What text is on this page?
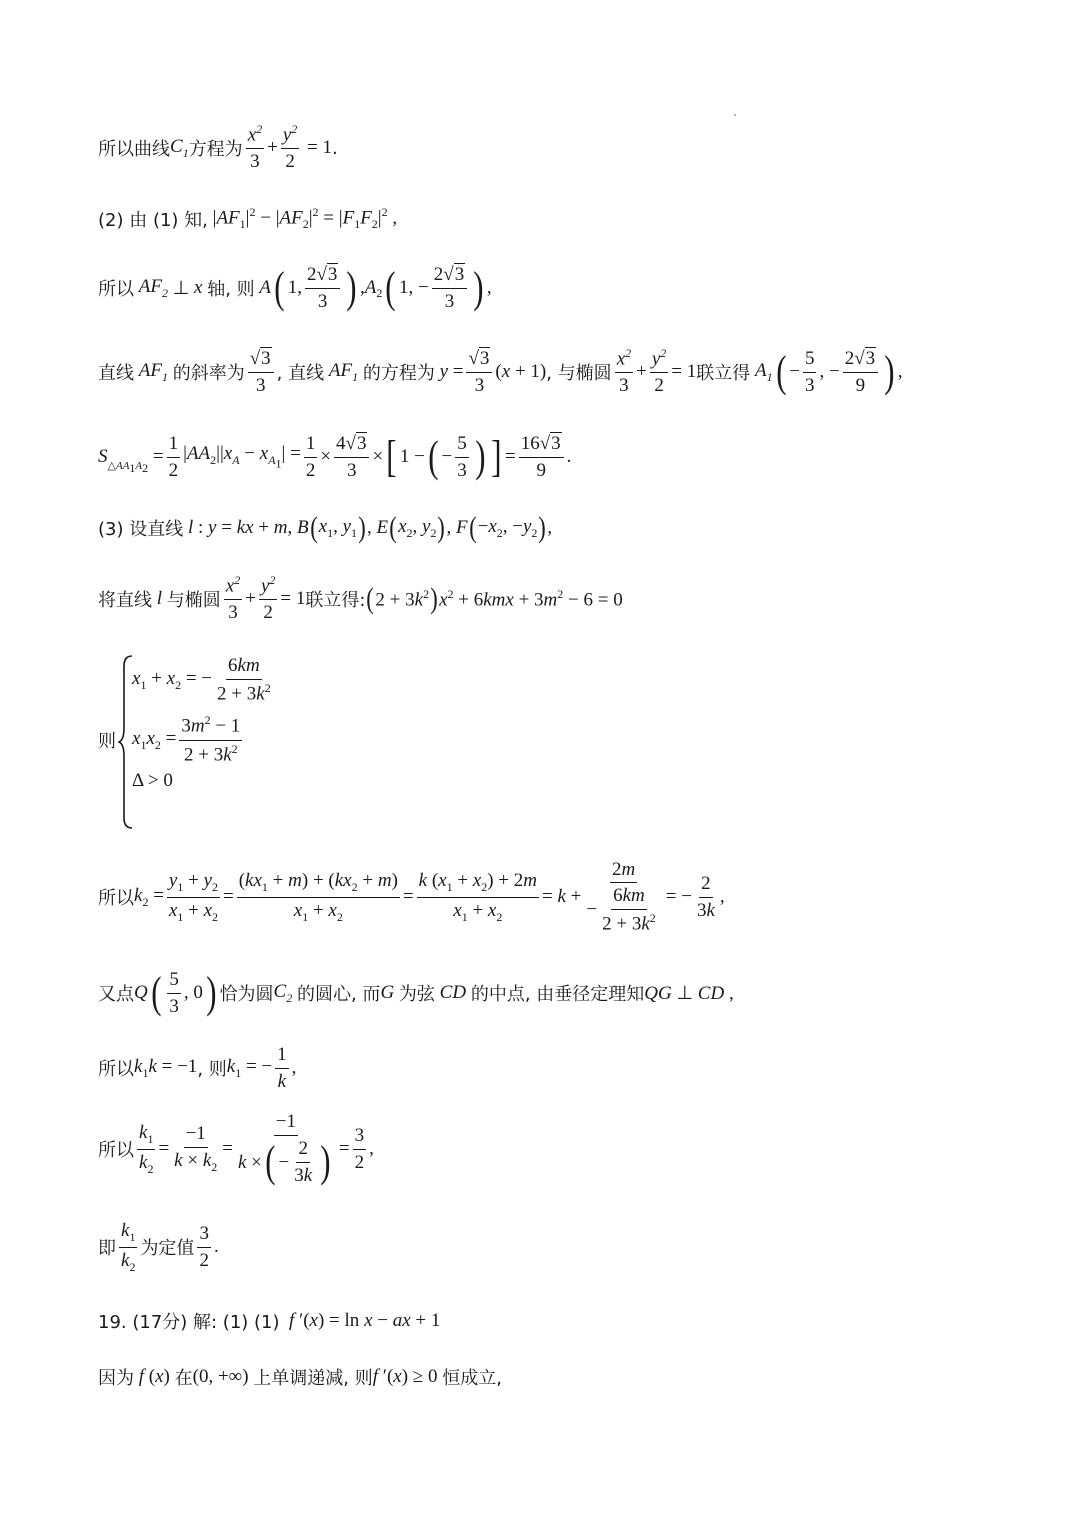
所以曲线 $C_1$ 方程为 $\frac{x^2}{3} + \frac{y^2}{2} = 1$ .
(2) 由 (1) 知, $|AF_1|^2 - |AF_2|^2 = |F_1F_2|^2$ ,
所以 $AF_2$ ⊥ x 轴, 则 A ( 1, $\frac{2√3}{3}$ ) , A $_2$ ( 1, − $\frac{2√3}{3}$ ) ,
直线 $AF_1$ 的斜率为 $\frac{√3}{3}$ , 直线 $AF_1$ 的方程为 $y = \frac{√3}{3} (x + 1)$ , 与椭圆 $\frac{x^2}{3} + \frac{y^2}{2} = 1$ 联立得 $A_1$ ( − $\frac{5}{3}$ , − $\frac{2√3}{9}$ ) ,
S $\triangle AA_1A_2$
= $\frac{1}{2} |AA_2||x_A - x_{A_1}| = \frac{1}{2} \times \frac{4√3}{3}$ × [ 1 − ( − $\frac{5}{3}$ ) ] = $\frac{16√3}{9}$ .
(3) 设直线 l : y = kx + m, B ( $x_1$, $y_1$ ) , E ( $x_2$, $y_2$ ) , F ( $-x_2$, $-y_2$ ) ,
将直线 l 与椭圆 $\frac{x^2}{3} + \frac{y^2}{2} = 1$ 联立得: ( $2 + 3k^2$ ) $x^2 + 6kmx + 3m^2 - 6 = 0$
则
$x_1 + x_2$ = − $\frac{6km}{2 + 3k^2}$
$x_1x_2 = \frac{3m^2 - 1}{2 + 3k^2}$
Δ > 0
所以 $k_2 = \frac{y_1 + y_2}{x_1 + x_2} = \frac{(kx_1 + m) + (kx_2 + m)}{x_1 + x_2} = \frac{k (x_1 + x_2) + 2m}{x_1 + x_2} = k + \frac{2m}{- \frac{6km}{2 + 3k^2}}$ = − $\frac{2}{3k}$ ,
又点 Q ( $\frac{5}{3}$ , 0 ) 恰为圆 $C_2$ 的圆心, 而 G 为弦 CD 的中点, 由垂径定理知 QG ⊥ CD ,
所以 $k_1k = -1$ , 则 $k_1$ = − $\frac{1}{k}$ ,
所以 $\frac{k_1}{k_2} = \frac{-1}{k \times k_2} = \frac{-1}{k \times ( - \frac{2}{3k} )} = \frac{3}{2}$ ,
即 $\frac{k_1}{k_2}$ 为定值 $\frac{3}{2}$ .
19. (17分) 解: (1) (1) f ′(x) = ln x − ax + 1
因为 f (x) 在 (0, +∞) 上单调递减, 则 f ′(x) ≥ 0 恒成立,
